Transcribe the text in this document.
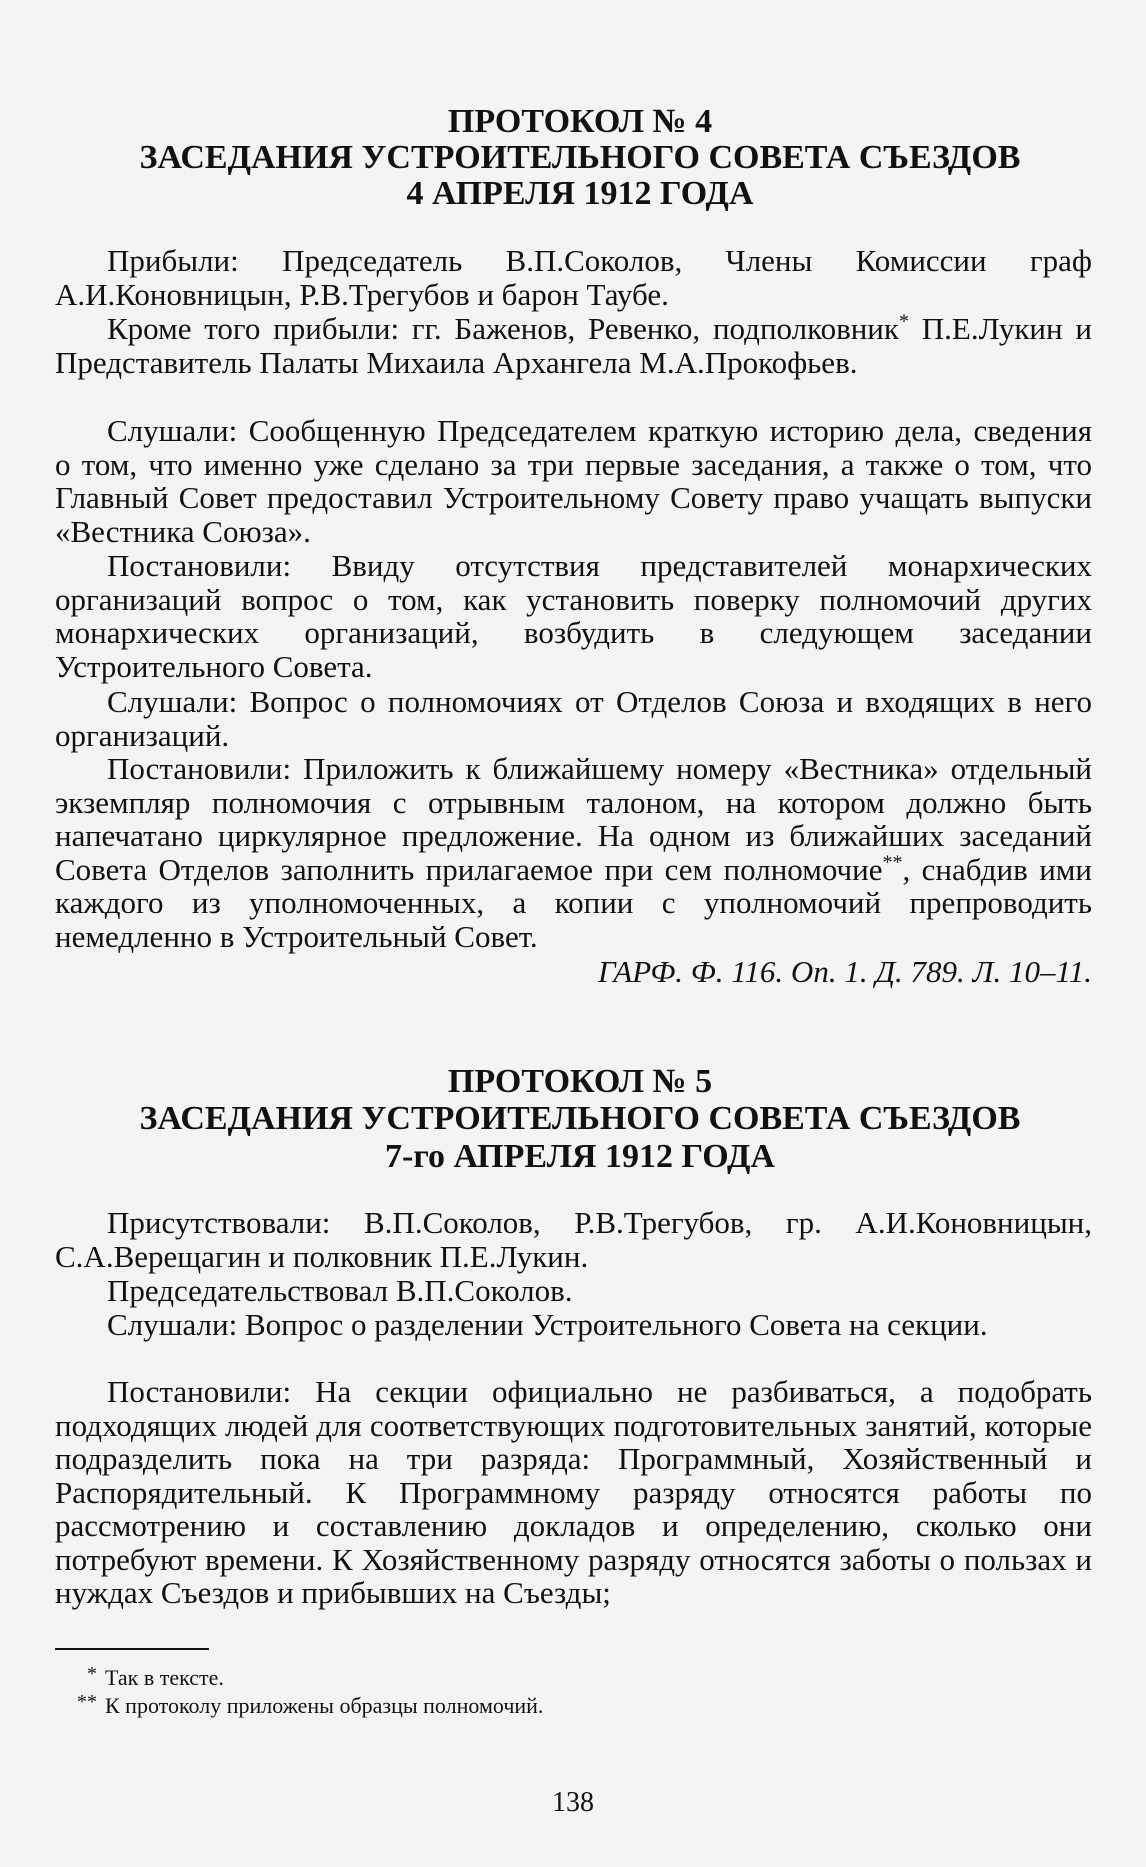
ПРОТОКОЛ № 4

ЗАСЕДАНИЯ УСТРОИТЕЛЬНОГО СОВЕТА СЪЕЗДОВ

4 АПРЕЛЯ 1912 ГОДА

Прибыли: Председатель В.П.Соколов, Члены Комиссии граф А.И.Коновницын, Р.В.Трегубов и барон Таубе.

Кроме того прибыли: гг. Баженов, Ревенко, подполковник* П.Е.Лукин и Представитель Палаты Михаила Архангела М.А.Прокофьев.

Слушали: Сообщенную Председателем краткую историю дела, сведения о том, что именно уже сделано за три первые заседания, а также о том, что Главный Совет предоставил Устроительному Совету право учащать выпуски «Вестника Союза».

Постановили: Ввиду отсутствия представителей монархических организаций вопрос о том, как установить поверку полномочий других монархических организаций, возбудить в следующем заседании Устроительного Совета.

Слушали: Вопрос о полномочиях от Отделов Союза и входящих в него организаций.

Постановили: Приложить к ближайшему номеру «Вестника» отдельный экземпляр полномочия с отрывным талоном, на котором должно быть напечатано циркулярное предложение. На одном из ближайших заседаний Совета Отделов заполнить прилагаемое при сем полномочие**, снабдив ими каждого из уполномоченных, а копии с уполномочий препроводить немедленно в Устроительный Совет.

ГАРФ. Ф. 116. Оп. 1. Д. 789. Л. 10–11.

ПРОТОКОЛ № 5

ЗАСЕДАНИЯ УСТРОИТЕЛЬНОГО СОВЕТА СЪЕЗДОВ

7-го АПРЕЛЯ 1912 ГОДА

Присутствовали: В.П.Соколов, Р.В.Трегубов, гр. А.И.Коновницын, С.А.Верещагин и полковник П.Е.Лукин.

Председательствовал В.П.Соколов.

Слушали: Вопрос о разделении Устроительного Совета на секции.

Постановили: На секции официально не разбиваться, а подобрать подходящих людей для соответствующих подготовительных занятий, которые подразделить пока на три разряда: Программный, Хозяйственный и Распорядительный. К Программному разряду относятся работы по рассмотрению и составлению докладов и определению, сколько они потребуют времени. К Хозяйственному разряду относятся заботы о пользах и нуждах Съездов и прибывших на Съезды;

* Так в тексте.

** К протоколу приложены образцы полномочий.

138
